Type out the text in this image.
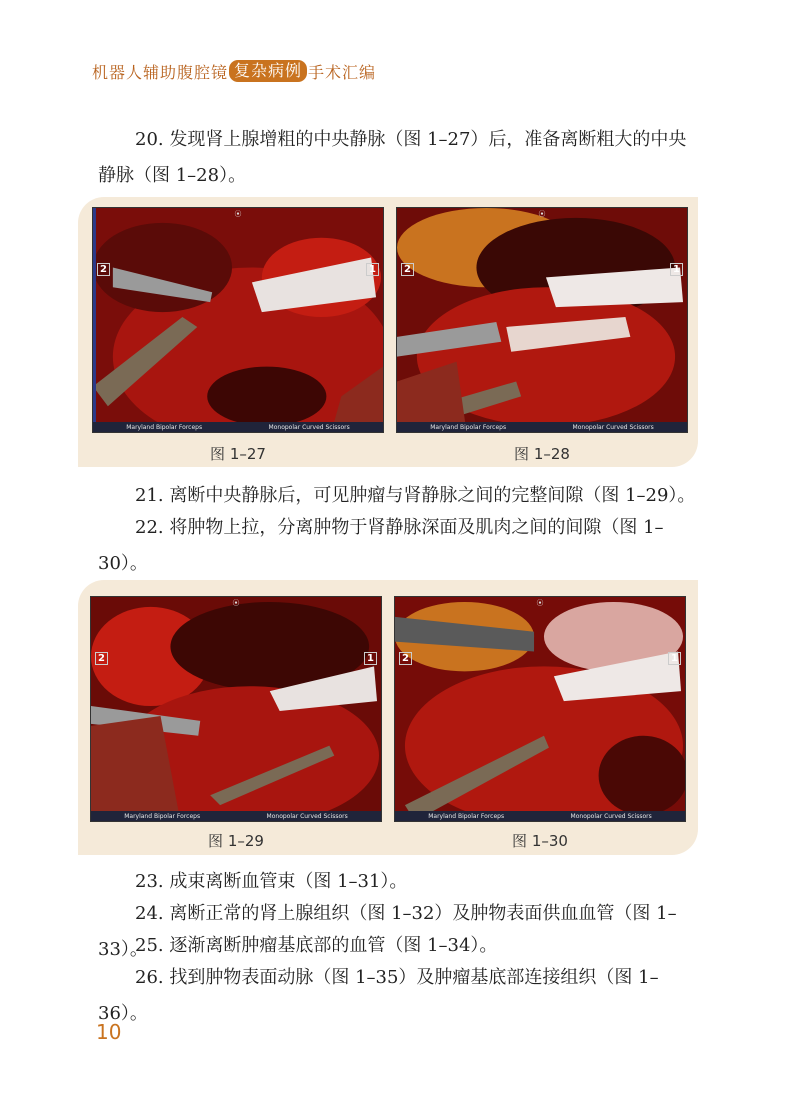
机器人辅助腹腔镜 复杂病例 手术汇编

20. 发现肾上腺增粗的中央静脉（图 1–27）后，准备离断粗大的中央静脉（图 1–28）。

⦿
2	1
Maryland Bipolar Forceps	Monopolar Curved Scissors
图 1–27
⦿
2	1
Maryland Bipolar Forceps	Monopolar Curved Scissors
图 1–28

21. 离断中央静脉后，可见肿瘤与肾静脉之间的完整间隙（图 1–29）。

22. 将肿物上拉，分离肿物于肾静脉深面及肌肉之间的间隙（图 1–30）。

⦿
2	1
Maryland Bipolar Forceps	Monopolar Curved Scissors
图 1–29
⦿
2	1
Maryland Bipolar Forceps	Monopolar Curved Scissors
图 1–30

23. 成束离断血管束（图 1–31）。

24. 离断正常的肾上腺组织（图 1–32）及肿物表面供血血管（图 1–33）。

25. 逐渐离断肿瘤基底部的血管（图 1–34）。

26. 找到肿物表面动脉（图 1–35）及肿瘤基底部连接组织（图 1–36）。

10
